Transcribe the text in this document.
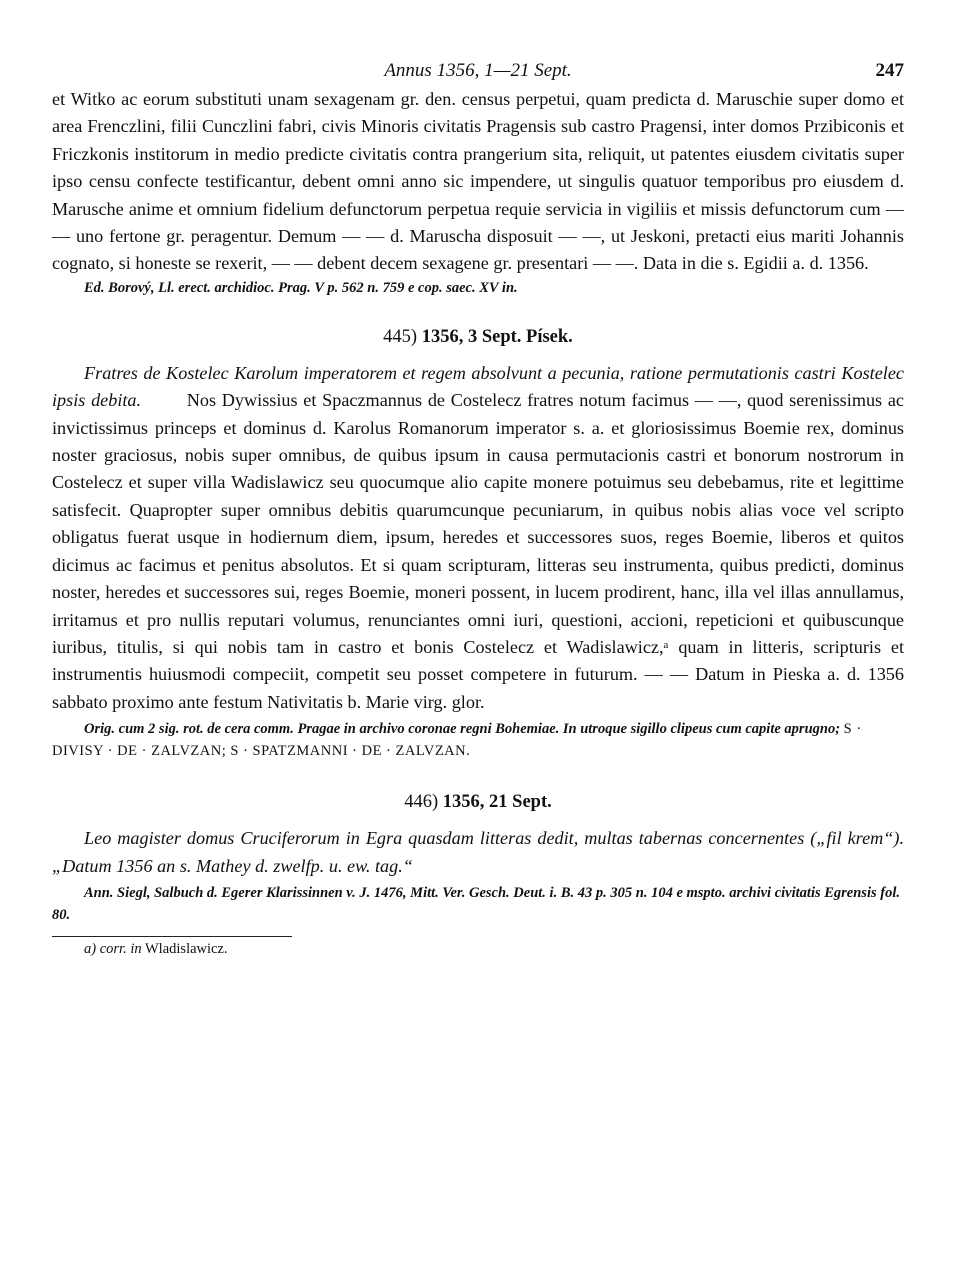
Annus 1356, 1—21 Sept.	247

et Witko ac eorum substituti unam sexagenam gr. den. census perpetui, quam predicta d. Maruschie super domo et area Frenczlini, filii Cunczlini fabri, civis Minoris civitatis Pragensis sub castro Pragensi, inter domos Przibiconis et Friczkonis institorum in medio predicte civitatis contra prangerium sita, reliquit, ut patentes eiusdem civitatis super ipso censu confecte testificantur, debent omni anno sic impendere, ut singulis quatuor temporibus pro eiusdem d. Marusche anime et omnium fidelium defunctorum perpetua requie servicia in vigiliis et missis defunctorum cum — — uno fertone gr. peragentur. Demum — — d. Maruscha disposuit — —, ut Jeskoni, pretacti eius mariti Johannis cognato, si honeste se rexerit, — — debent decem sexagene gr. presentari — —. Data in die s. Egidii a. d. 1356.

Ed. Borový, Ll. erect. archidioc. Prag. V p. 562 n. 759 e cop. saec. XV in.
445) 1356, 3 Sept. Písek.
Fratres de Kostelec Karolum imperatorem et regem absolvunt a pecunia, ratione permutationis castri Kostelec ipsis debita.	Nos Dywissius et Spaczmannus de Costelecz fratres notum facimus — —, quod serenissimus ac invictissimus princeps et dominus d. Karolus Romanorum imperator s. a. et gloriosissimus Boemie rex, dominus noster graciosus, nobis super omnibus, de quibus ipsum in causa permutacionis castri et bonorum nostrorum in Costelecz et super villa Wadislawicz seu quocumque alio capite monere potuimus seu debebamus, rite et legittime satisfecit. Quapropter super omnibus debitis quarumcunque pecuniarum, in quibus nobis alias voce vel scripto obligatus fuerat usque in hodiernum diem, ipsum, heredes et successores suos, reges Boemie, liberos et quitos dicimus ac facimus et penitus absolutos. Et si quam scripturam, litteras seu instrumenta, quibus predicti, dominus noster, heredes et successores sui, reges Boemie, moneri possent, in lucem prodirent, hanc, illa vel illas annullamus, irritamus et pro nullis reputari volumus, renunciantes omni iuri, questioni, accioni, repeticioni et quibuscunque iuribus, titulis, si qui nobis tam in castro et bonis Costelecz et Wadislawicz,ᵃ quam in litteris, scripturis et instrumentis huiusmodi compeciit, competit seu posset competere in futurum. — — Datum in Pieska a. d. 1356 sabbato proximo ante festum Nativitatis b. Marie virg. glor.
Orig. cum 2 sig. rot. de cera comm. Pragae in archivo coronae regni Bohemiae. In utroque sigillo clipeus cum capite aprugno; S · DIVISY · DE · ZALVZAN; S · SPATZMANNI · DE · ZALVZAN.
446) 1356, 21 Sept.
Leo magister domus Cruciferorum in Egra quasdam litteras dedit, multas tabernas concernentes („fil krem“). „Datum 1356 an s. Mathey d. zwelfp. u. ew. tag.“
Ann. Siegl, Salbuch d. Egerer Klarissinnen v. J. 1476, Mitt. Ver. Gesch. Deut. i. B. 43 p. 305 n. 104 e mspto. archivi civitatis Egrensis fol. 80.
a) corr. in Wladislawicz.
